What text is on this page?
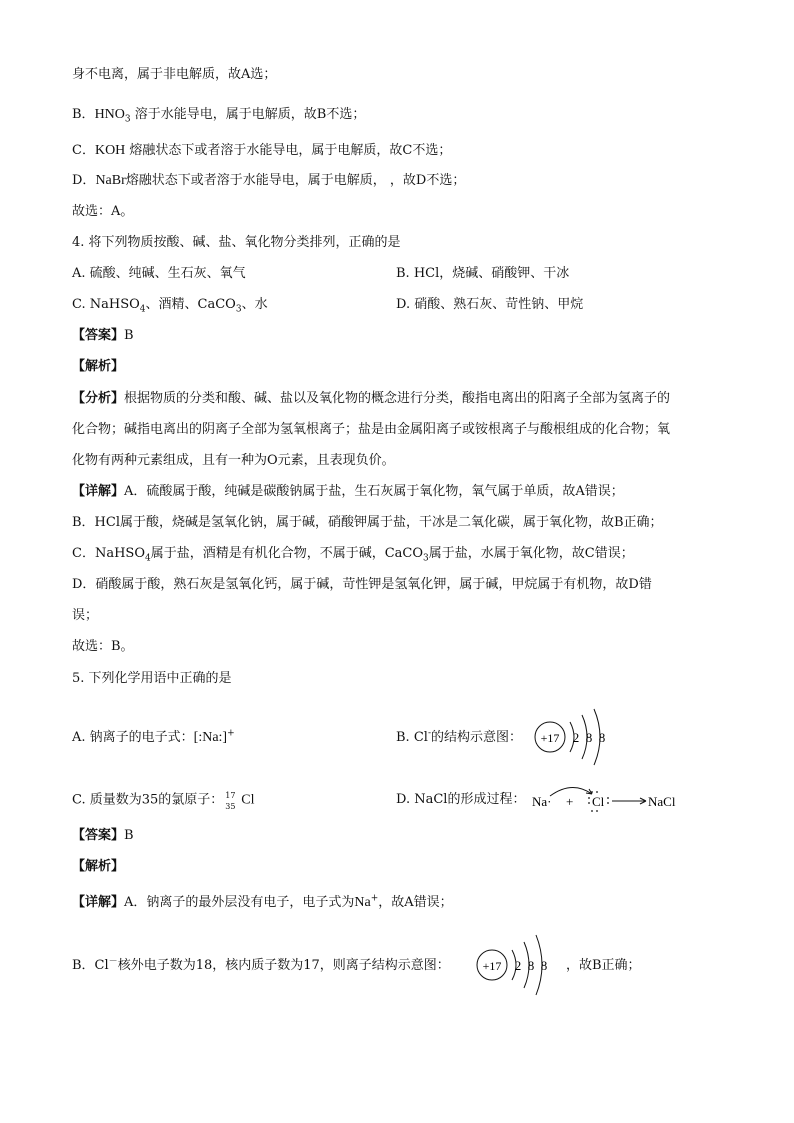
身不电离，属于非电解质，故A选；
B．$HNO_3$ 溶于水能导电，属于电解质，故B不选；
C．KOH 熔融状态下或者溶于水能导电，属于电解质，故C不选；
D．NaBr熔融状态下或者溶于水能导电，属于电解质， ，故D不选；
故选：A。
4. 将下列物质按酸、碱、盐、氧化物分类排列，正确的是
A. 硫酸、纯碱、生石灰、氧气	B. HCl，烧碱、硝酸钾、干冰
C. NaHSO$_4$、酒精、CaCO$_3$、水	D. 硝酸、熟石灰、苛性钠、甲烷
【答案】B
【解析】
【分析】根据物质的分类和酸、碱、盐以及氧化物的概念进行分类，酸指电离出的阳离子全部为氢离子的
化合物；碱指电离出的阴离子全部为氢氧根离子；盐是由金属阳离子或铵根离子与酸根组成的化合物；氧
化物有两种元素组成，且有一种为O元素，且表现负价。
【详解】A．硫酸属于酸，纯碱是碳酸钠属于盐，生石灰属于氧化物，氧气属于单质，故A错误；
B．HCl属于酸，烧碱是氢氧化钠，属于碱，硝酸钾属于盐，干冰是二氧化碳，属于氧化物，故B正确；
C．NaHSO$_4$属于盐，酒精是有机化合物，不属于碱，CaCO$_3$属于盐，水属于氧化物，故C错误；
D．硝酸属于酸，熟石灰是氢氧化钙，属于碱，苛性钾是氢氧化钾，属于碱，甲烷属于有机物，故D错
误；
故选：B。
5. 下列化学用语中正确的是
A. 钠离子的电子式：[:Na:]+	B. Cl-的结构示意图： +17 2 8 8
C. 质量数为35的氯原子： 17
35 Cl	D. NaCl的形成过程： Na· + Cl	NaCl
【答案】B
【解析】
【详解】A．钠离子的最外层没有电子，电子式为Na+，故A错误；
B．Cl－核外电子数为18，核内质子数为17，则离子结构示意图：	+17 2 8 8 ，故B正确；
